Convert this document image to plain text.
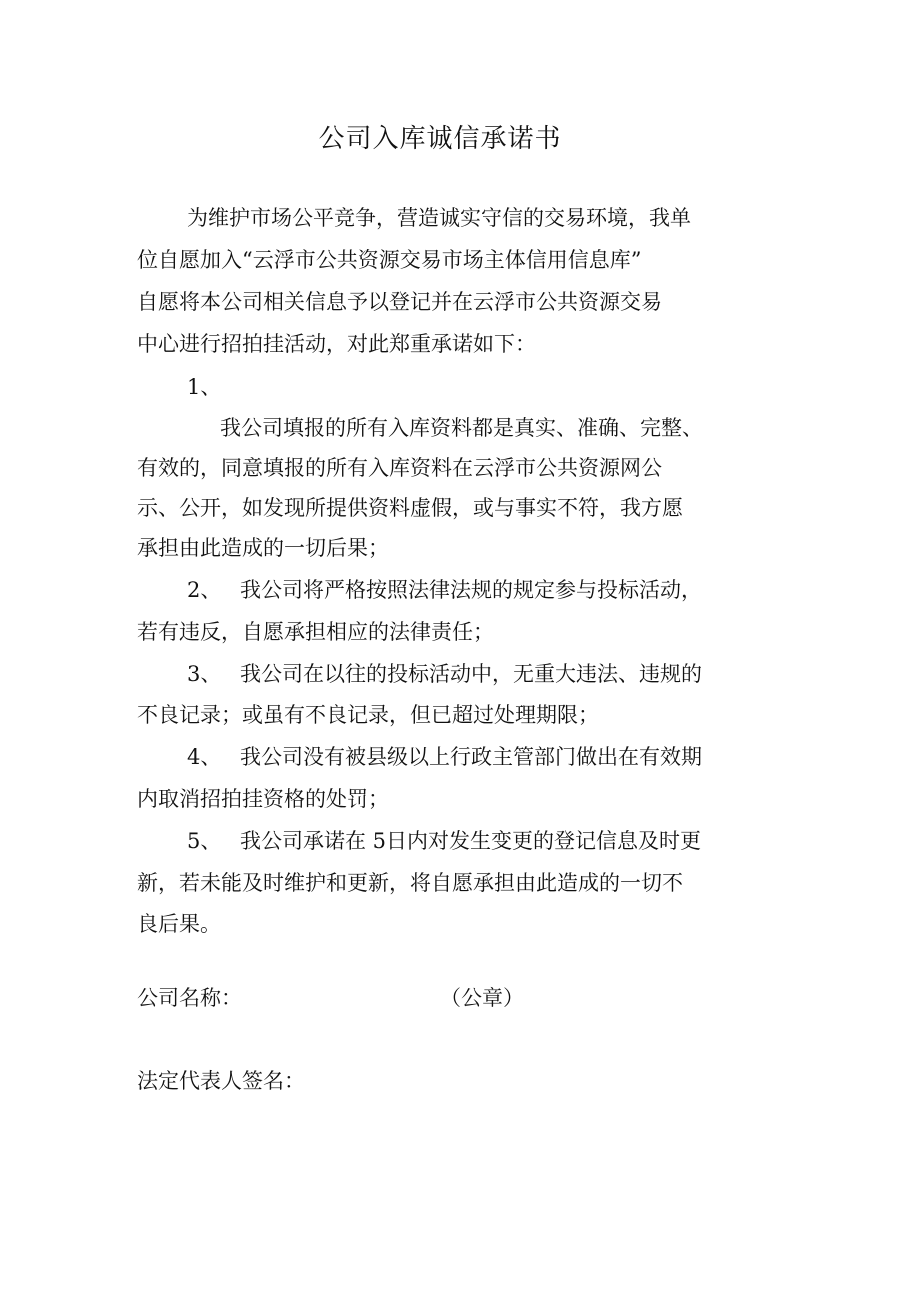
公司入库诚信承诺书
为维护市场公平竞争，营造诚实守信的交易环境，我单
位自愿加入“云浮市公共资源交易市场主体信用信息库”
自愿将本公司相关信息予以登记并在云浮市公共资源交易
中心进行招拍挂活动，对此郑重承诺如下：
1、
我公司填报的所有入库资料都是真实、准确、完整、
有效的，同意填报的所有入库资料在云浮市公共资源网公
示、公开，如发现所提供资料虚假，或与事实不符，我方愿
承担由此造成的一切后果；
2、 我公司将严格按照法律法规的规定参与投标活动，
若有违反，自愿承担相应的法律责任；
3、 我公司在以往的投标活动中，无重大违法、违规的
不良记录；或虽有不良记录，但已超过处理期限；
4、 我公司没有被县级以上行政主管部门做出在有效期
内取消招拍挂资格的处罚；
5、 我公司承诺在 5日内对发生变更的登记信息及时更
新，若未能及时维护和更新，将自愿承担由此造成的一切不
良后果。
公司名称：	（公章）
法定代表人签名：
